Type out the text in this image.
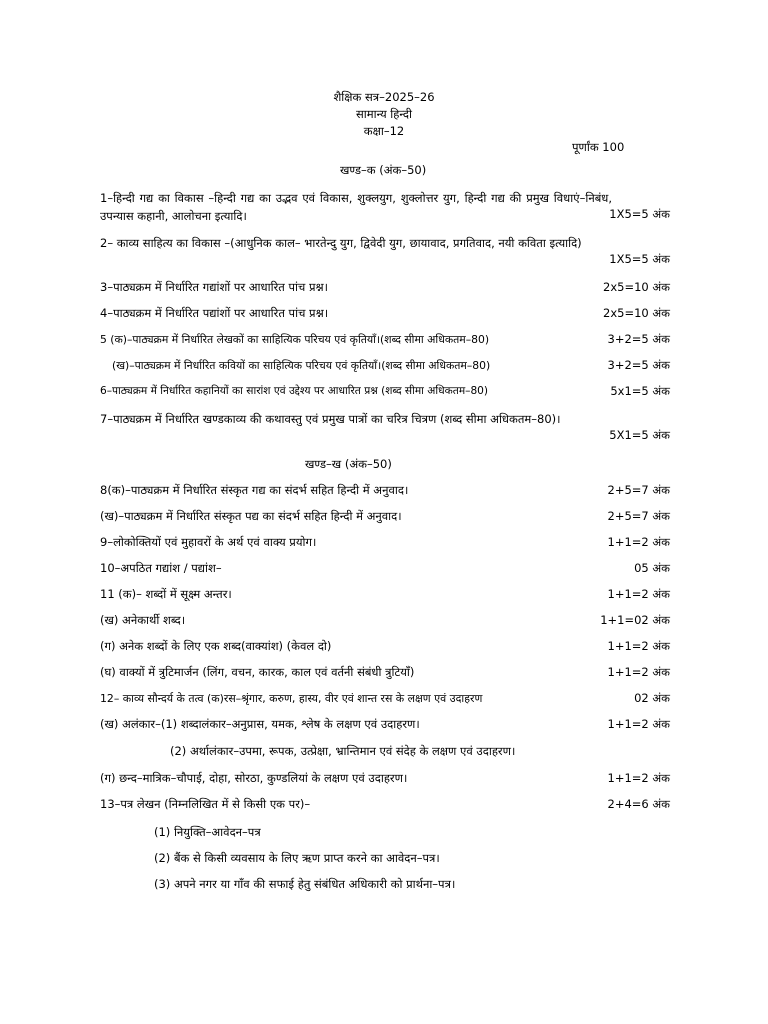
शैक्षिक सत्र–2025–26
सामान्य हिन्दी
कक्षा–12
पूर्णांक 100
खण्ड–क (अंक–50)
1–हिन्दी गद्य का विकास –हिन्दी गद्य का उद्भव एवं विकास, शुक्लयुग, शुक्लोत्तर युग, हिन्दी गद्य की प्रमुख विधाएं–निबंध, उपन्यास कहानी, आलोचना इत्यादि।	1X5=5 अंक
2– काव्य साहित्य का विकास –(आधुनिक काल– भारतेन्दु युग, द्विवेदी युग, छायावाद, प्रगतिवाद, नयी कविता इत्यादि)
1X5=5 अंक
3–पाठ्यक्रम में निर्धारित गद्यांशों पर आधारित पांच प्रश्न।	2x5=10 अंक
4–पाठ्यक्रम में निर्धारित पद्यांशों पर आधारित पांच प्रश्न।	2x5=10 अंक
5 (क)–पाठ्यक्रम में निर्धारित लेखकों का साहित्यिक परिचय एवं कृतियाँ।(शब्द सीमा अधिकतम–80)	3+2=5 अंक
(ख)–पाठ्यक्रम में निर्धारित कवियों का साहित्यिक परिचय एवं कृतियाँ।(शब्द सीमा अधिकतम–80)	3+2=5 अंक
6–पाठ्यक्रम में निर्धारित कहानियों का सारांश एवं उद्देश्य पर आधारित प्रश्न (शब्द सीमा अधिकतम–80)	5x1=5 अंक
7–पाठ्यक्रम में निर्धारित खण्डकाव्य की कथावस्तु एवं प्रमुख पात्रों का चरित्र चित्रण (शब्द सीमा अधिकतम–80)।
5X1=5 अंक
खण्ड–ख (अंक–50)
8(क)–पाठ्यक्रम में निर्धारित संस्कृत गद्य का संदर्भ सहित हिन्दी में अनुवाद।	2+5=7 अंक
(ख)–पाठ्यक्रम में निर्धारित संस्कृत पद्य का संदर्भ सहित हिन्दी में अनुवाद।	2+5=7 अंक
9–लोकोक्तियों एवं मुहावरों के अर्थ एवं वाक्य प्रयोग।	1+1=2 अंक
10–अपठित गद्यांश / पद्यांश–	05 अंक
11 (क)– शब्दों में सूक्ष्म अन्तर।	1+1=2 अंक
(ख) अनेकार्थी शब्द।	1+1=02 अंक
(ग) अनेक शब्दों के लिए एक शब्द(वाक्यांश) (केवल दो)	1+1=2 अंक
(घ) वाक्यों में त्रुटिमार्जन (लिंग, वचन, कारक, काल एवं वर्तनी संबंधी त्रुटियाँ)	1+1=2 अंक
12– काव्य सौन्दर्य के तत्व (क)रस–श्रृंगार, करुण, हास्य, वीर एवं शान्त रस के लक्षण एवं उदाहरण	02 अंक
(ख) अलंकार–(1) शब्दालंकार–अनुप्रास, यमक, श्लेष के लक्षण एवं उदाहरण।	1+1=2 अंक
(2) अर्थालंकार–उपमा, रूपक, उत्प्रेक्षा, भ्रान्तिमान एवं संदेह के लक्षण एवं उदाहरण।
(ग) छन्द–मात्रिक–चौपाई, दोहा, सोरठा, कुण्डलियां के लक्षण एवं उदाहरण।	1+1=2 अंक
13–पत्र लेखन (निम्नलिखित में से किसी एक पर)–	2+4=6 अंक
(1) नियुक्ति–आवेदन–पत्र
(2) बैंक से किसी व्यवसाय के लिए ऋण प्राप्त करने का आवेदन–पत्र।
(3) अपने नगर या गाँव की सफाई हेतु संबंधित अधिकारी को प्रार्थना–पत्र।
